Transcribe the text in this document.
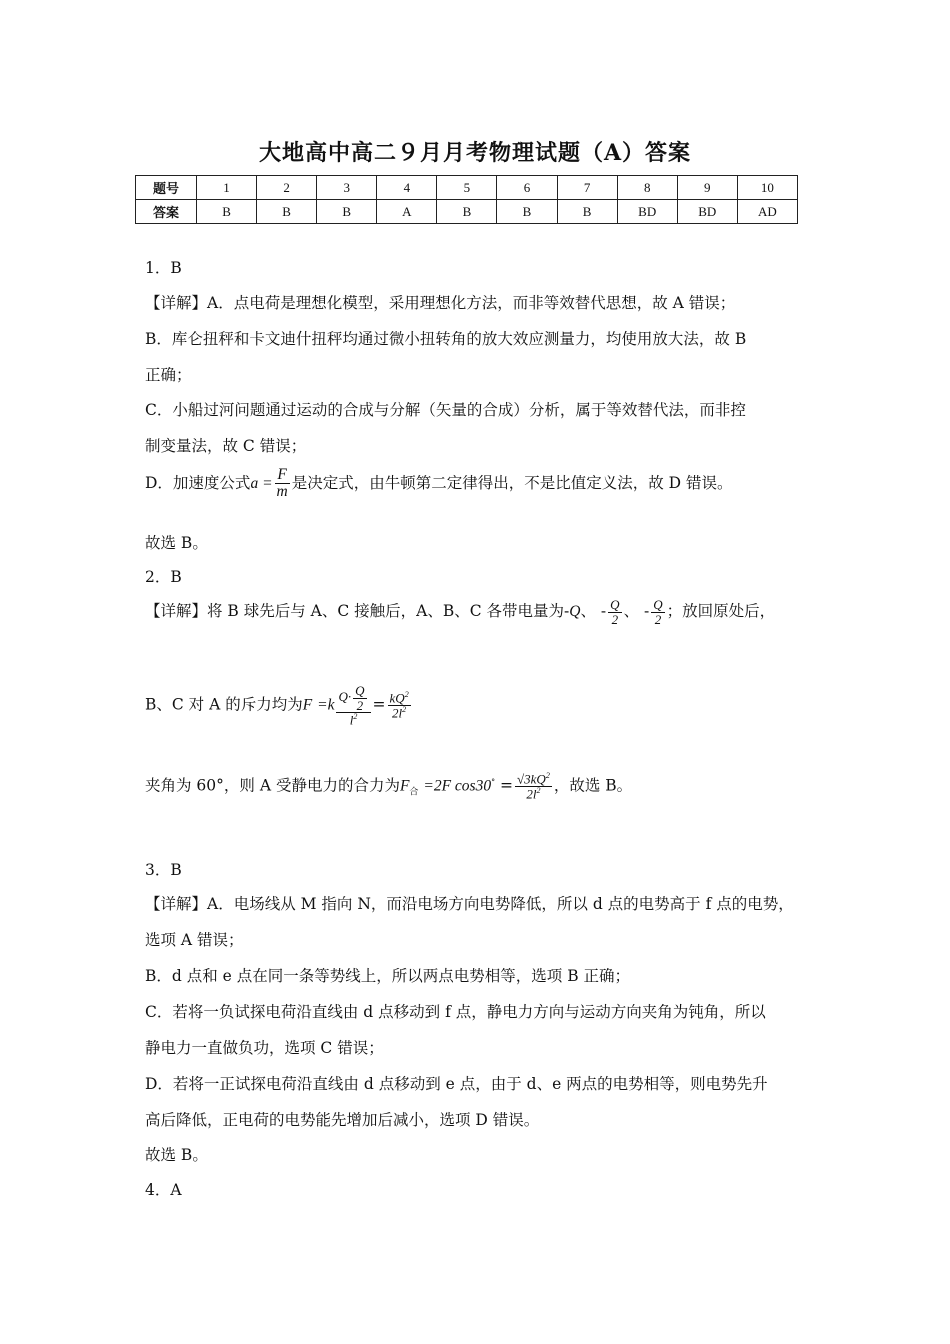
大地高中高二９月月考物理试题（A）答案
题号	1	2	3	4	5	6	7	8	9	10
答案	B	B	B	A	B	B	B	BD	BD	AD
1．B
【详解】A．点电荷是理想化模型，采用理想化方法，而非等效替代思想，故 A 错误；
B．库仑扭秤和卡文迪什扭秤均通过微小扭转角的放大效应测量力，均使用放大法，故 B
正确；
C．小船过河问题通过运动的合成与分解（矢量的合成）分析，属于等效替代法，而非控
制变量法，故 C 错误；
D．加速度公式$a = \frac{F}{m}$ 是决定式，由牛顿第二定律得出，不是比值定义法，故 D 错误。
故选 B。
2．B
【详解】将 B 球先后与 A、C 接触后，A、B、C 各带电量为-Q、 - $\frac{Q}{2}$ 、 - $\frac{Q}{2}$ ；放回原处后，
B、C 对 A 的斥力均为$F =k \frac{Q\cdot \frac{Q}{2}}{l^2} = \frac{kQ^2}{2l^2}$
夹角为 60°，则 A 受静电力的合力为$F_合 =2F$ $\cos 30^\circ = \frac{√3kQ^2}{2l^2}$ ，故选 B。
3．B
【详解】A．电场线从 M 指向 N，而沿电场方向电势降低，所以 d 点的电势高于 f 点的电势，
选项 A 错误；
B．d 点和 e 点在同一条等势线上，所以两点电势相等，选项 B 正确；
C．若将一负试探电荷沿直线由 d 点移动到 f 点，静电力方向与运动方向夹角为钝角，所以
静电力一直做负功，选项 C 错误；
D．若将一正试探电荷沿直线由 d 点移动到 e 点，由于 d、e 两点的电势相等，则电势先升
高后降低，正电荷的电势能先增加后减小，选项 D 错误。
故选 B。
4．A
